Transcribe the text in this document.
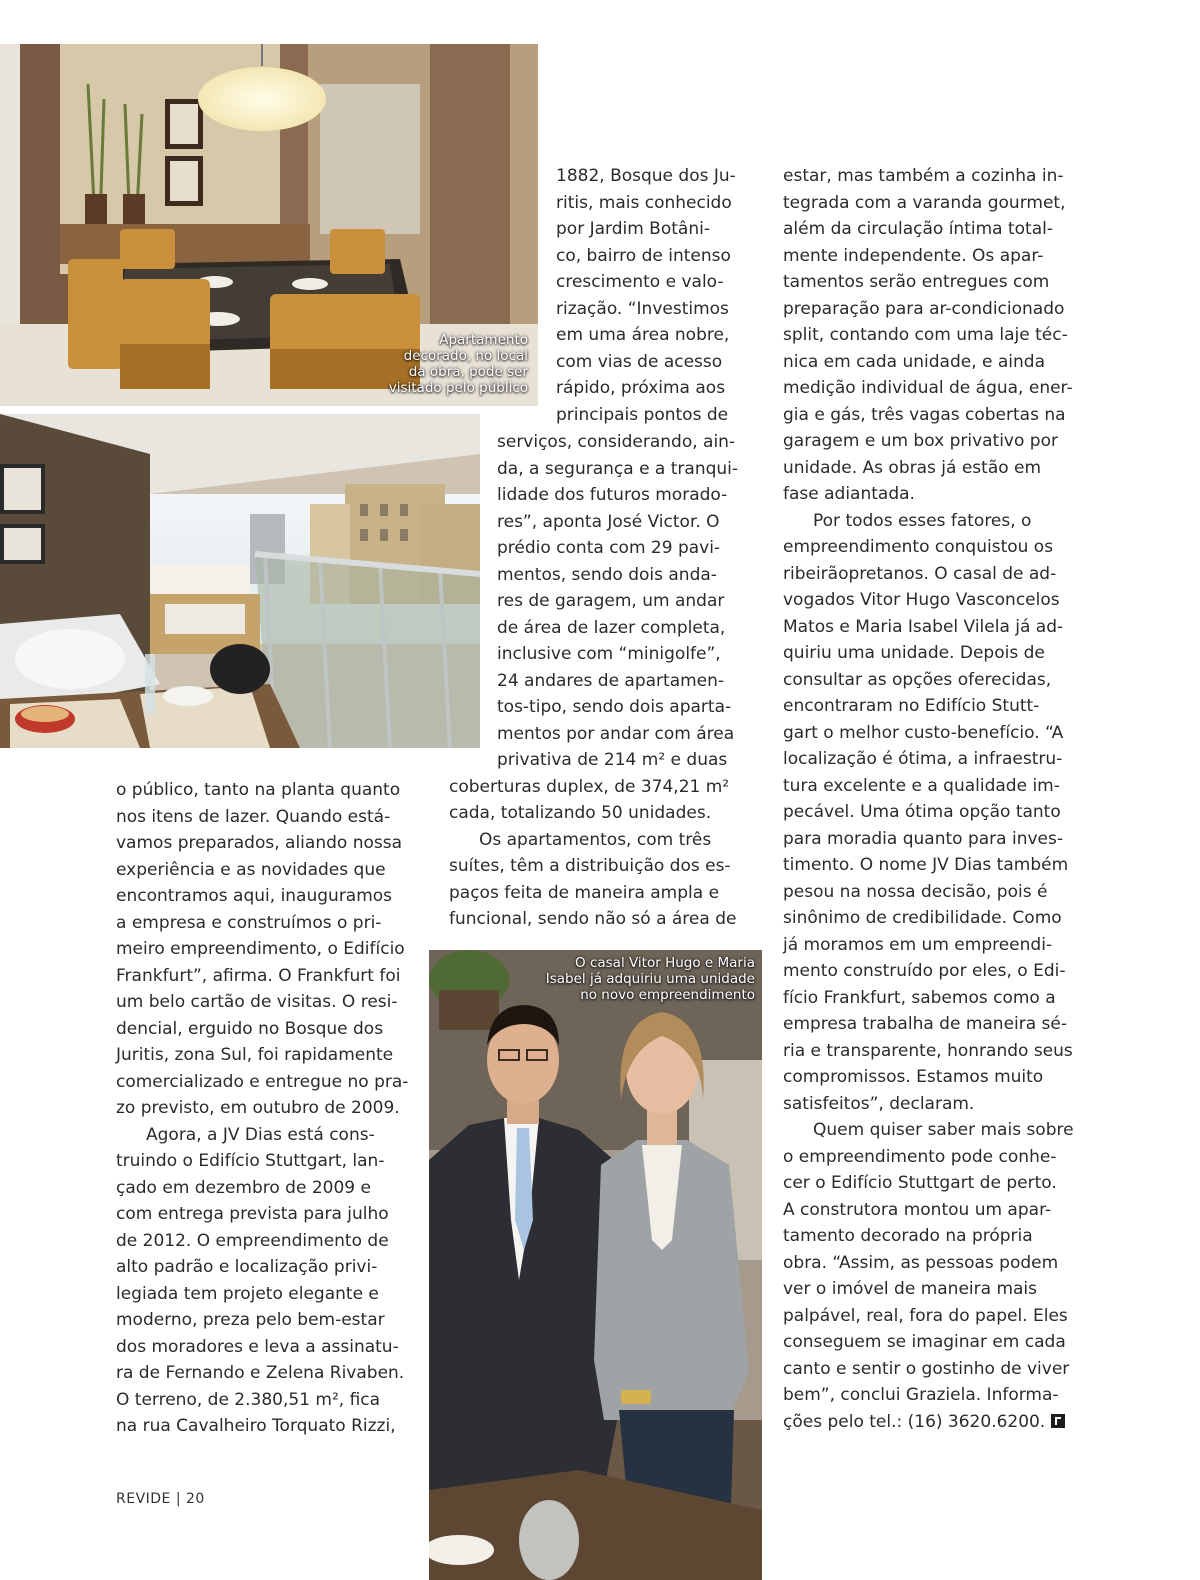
Apartamento
decorado, no local
da obra, pode ser
visitado pelo público
O casal Vitor Hugo e Maria
Isabel já adquiriu uma unidade
no novo empreendimento

1882, Bosque dos Ju-

ritis, mais conhecido

por Jardim Botâni-

co, bairro de intenso

crescimento e valo-

rização. “Investimos

em uma área nobre,

com vias de acesso

rápido, próxima aos

principais pontos de

serviços, considerando, ain-

da, a segurança e a tranqui-

lidade dos futuros morado-

res”, aponta José Victor. O

prédio conta com 29 pavi-

mentos, sendo dois anda-

res de garagem, um andar

de área de lazer completa,

inclusive com “minigolfe”,

24 andares de apartamen-

tos-tipo, sendo dois aparta-

mentos por andar com área

privativa de 214 m² e duas

coberturas duplex, de 374,21 m²

cada, totalizando 50 unidades.

Os apartamentos, com três

suítes, têm a distribuição dos es-

paços feita de maneira ampla e

funcional, sendo não só a área de

o público, tanto na planta quanto

nos itens de lazer. Quando está-

vamos preparados, aliando nossa

experiência e as novidades que

encontramos aqui, inauguramos

a empresa e construímos o pri-

meiro empreendimento, o Edifício

Frankfurt”, afirma. O Frankfurt foi

um belo cartão de visitas. O resi-

dencial, erguido no Bosque dos

Juritis, zona Sul, foi rapidamente

comercializado e entregue no pra-

zo previsto, em outubro de 2009.

Agora, a JV Dias está cons-

truindo o Edifício Stuttgart, lan-

çado em dezembro de 2009 e

com entrega prevista para julho

de 2012. O empreendimento de

alto padrão e localização privi-

legiada tem projeto elegante e

moderno, preza pelo bem-estar

dos moradores e leva a assinatu-

ra de Fernando e Zelena Rivaben.

O terreno, de 2.380,51 m², fica

na rua Cavalheiro Torquato Rizzi,

estar, mas também a cozinha in-

tegrada com a varanda gourmet,

além da circulação íntima total-

mente independente. Os apar-

tamentos serão entregues com

preparação para ar-condicionado

split, contando com uma laje téc-

nica em cada unidade, e ainda

medição individual de água, ener-

gia e gás, três vagas cobertas na

garagem e um box privativo por

unidade. As obras já estão em

fase adiantada.

Por todos esses fatores, o

empreendimento conquistou os

ribeirãopretanos. O casal de ad-

vogados Vitor Hugo Vasconcelos

Matos e Maria Isabel Vilela já ad-

quiriu uma unidade. Depois de

consultar as opções oferecidas,

encontraram no Edifício Stutt-

gart o melhor custo-benefício. “A

localização é ótima, a infraestru-

tura excelente e a qualidade im-

pecável. Uma ótima opção tanto

para moradia quanto para inves-

timento. O nome JV Dias também

pesou na nossa decisão, pois é

sinônimo de credibilidade. Como

já moramos em um empreendi-

mento construído por eles, o Edi-

fício Frankfurt, sabemos como a

empresa trabalha de maneira sé-

ria e transparente, honrando seus

compromissos. Estamos muito

satisfeitos”, declaram.

Quem quiser saber mais sobre

o empreendimento pode conhe-

cer o Edifício Stuttgart de perto.

A construtora montou um apar-

tamento decorado na própria

obra. “Assim, as pessoas podem

ver o imóvel de maneira mais

palpável, real, fora do papel. Eles

conseguem se imaginar em cada

canto e sentir o gostinho de viver

bem”, conclui Graziela. Informa-

ções pelo tel.: (16) 3620.6200.

REVIDE | 20
